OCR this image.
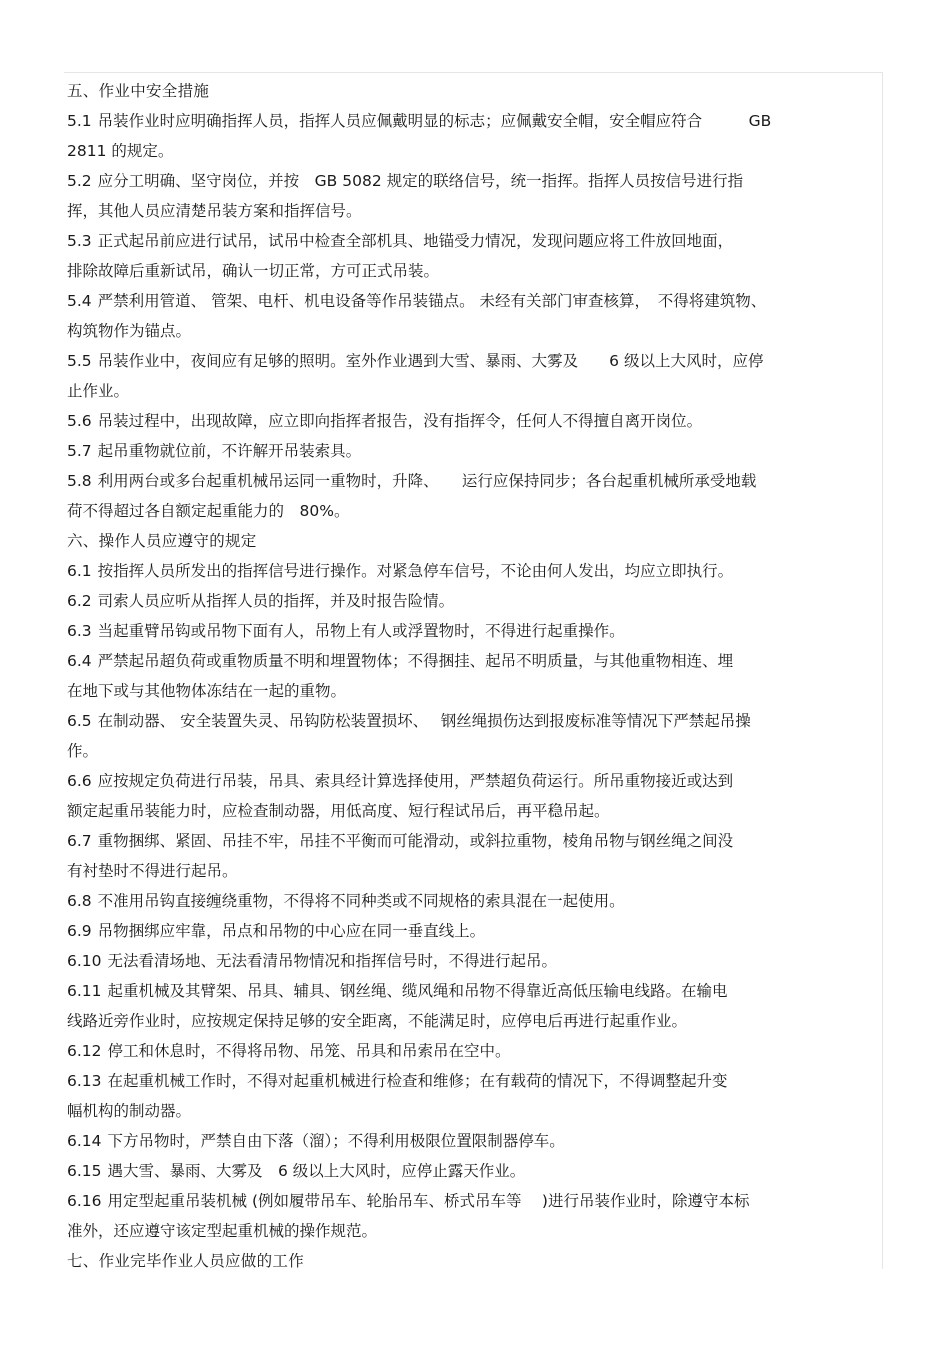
五、作业中安全措施
5.1 吊装作业时应明确指挥人员，指挥人员应佩戴明显的标志；应佩戴安全帽，安全帽应符合　　　GB
2811 的规定。
5.2 应分工明确、坚守岗位，并按　GB 5082 规定的联络信号，统一指挥。指挥人员按信号进行指
挥，其他人员应清楚吊装方案和指挥信号。
5.3 正式起吊前应进行试吊，试吊中检查全部机具、地锚受力情况，发现问题应将工件放回地面，
排除故障后重新试吊，确认一切正常，方可正式吊装。
5.4 严禁利用管道、 管架、电杆、机电设备等作吊装锚点。 未经有关部门审查核算，　不得将建筑物、
构筑物作为锚点。
5.5 吊装作业中，夜间应有足够的照明。室外作业遇到大雪、暴雨、大雾及　　6 级以上大风时，应停
止作业。
5.6 吊装过程中，出现故障，应立即向指挥者报告，没有指挥令，任何人不得擅自离开岗位。
5.7 起吊重物就位前，不许解开吊装索具。
5.8 利用两台或多台起重机械吊运同一重物时，升降、　　运行应保持同步；各台起重机械所承受地载
荷不得超过各自额定起重能力的　80%。
六、操作人员应遵守的规定
6.1 按指挥人员所发出的指挥信号进行操作。对紧急停车信号，不论由何人发出，均应立即执行。
6.2 司索人员应听从指挥人员的指挥，并及时报告险情。
6.3 当起重臂吊钩或吊物下面有人，吊物上有人或浮置物时，不得进行起重操作。
6.4 严禁起吊超负荷或重物质量不明和埋置物体；不得捆挂、起吊不明质量，与其他重物相连、埋
在地下或与其他物体冻结在一起的重物。
6.5 在制动器、 安全装置失灵、吊钩防松装置损坏、　 钢丝绳损伤达到报废标准等情况下严禁起吊操
作。
6.6 应按规定负荷进行吊装，吊具、索具经计算选择使用，严禁超负荷运行。所吊重物接近或达到
额定起重吊装能力时，应检查制动器，用低高度、短行程试吊后，再平稳吊起。
6.7 重物捆绑、紧固、吊挂不牢，吊挂不平衡而可能滑动，或斜拉重物，棱角吊物与钢丝绳之间没
有衬垫时不得进行起吊。
6.8 不准用吊钩直接缠绕重物，不得将不同种类或不同规格的索具混在一起使用。
6.9 吊物捆绑应牢靠，吊点和吊物的中心应在同一垂直线上。
6.10 无法看清场地、无法看清吊物情况和指挥信号时，不得进行起吊。
6.11 起重机械及其臂架、吊具、辅具、钢丝绳、缆风绳和吊物不得靠近高低压输电线路。在输电
线路近旁作业时，应按规定保持足够的安全距离，不能满足时，应停电后再进行起重作业。
6.12 停工和休息时，不得将吊物、吊笼、吊具和吊索吊在空中。
6.13 在起重机械工作时，不得对起重机械进行检查和维修；在有载荷的情况下，不得调整起升变
幅机构的制动器。
6.14 下方吊物时，严禁自由下落（溜）；不得利用极限位置限制器停车。
6.15 遇大雪、暴雨、大雾及　6 级以上大风时，应停止露天作业。
6.16 用定型起重吊装机械 (例如履带吊车、轮胎吊车、桥式吊车等　 )进行吊装作业时，除遵守本标
准外，还应遵守该定型起重机械的操作规范。
七、作业完毕作业人员应做的工作
